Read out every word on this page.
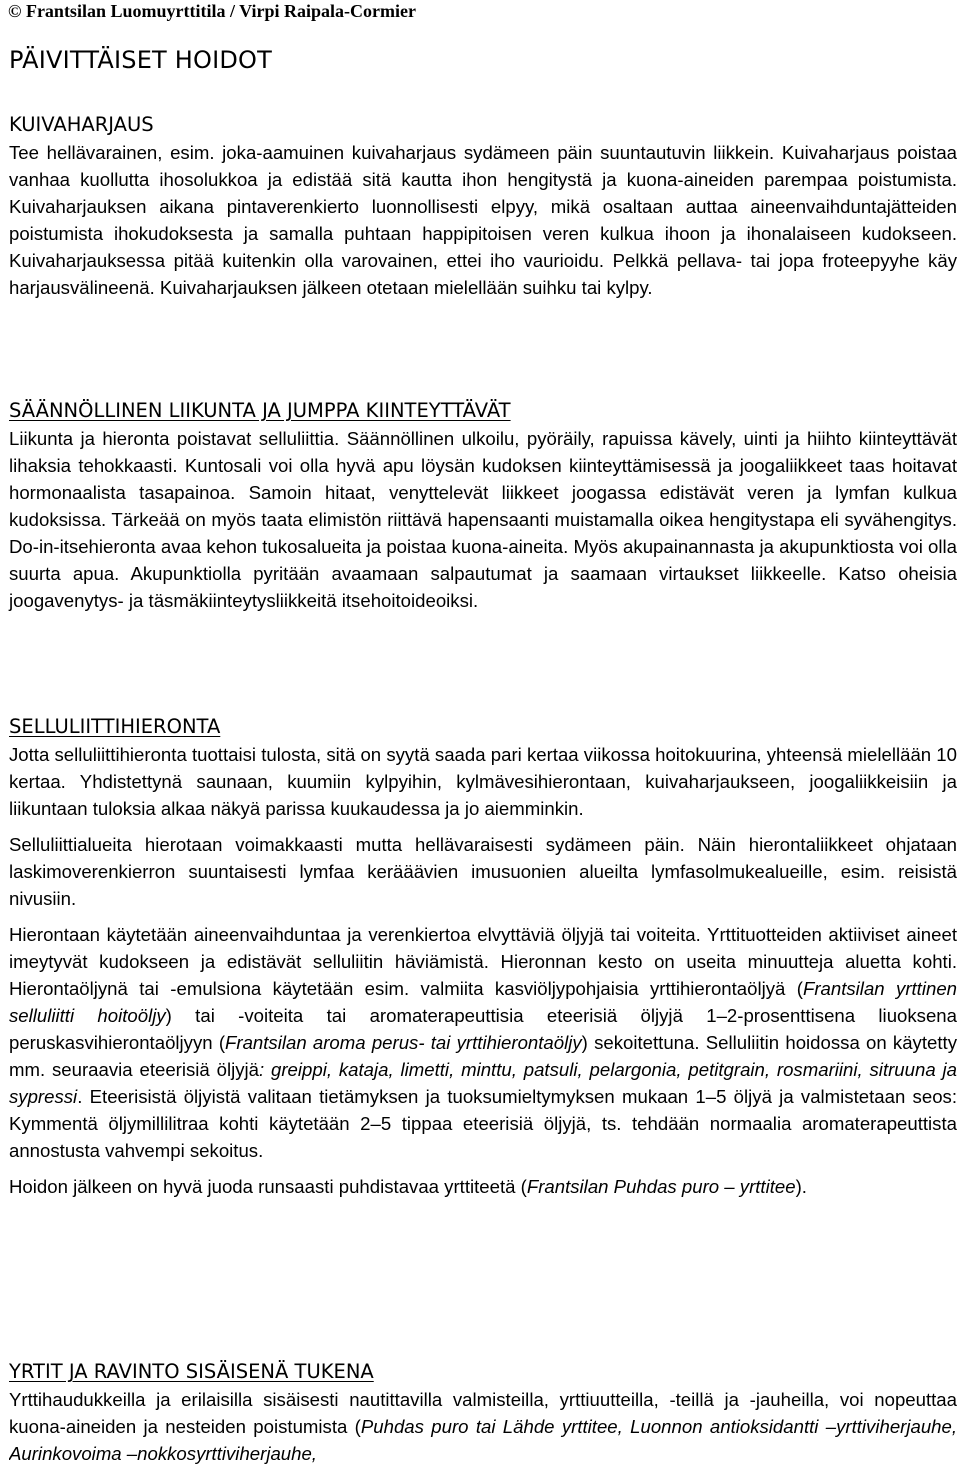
© Frantsilan Luomuyrttitila / Virpi Raipala-Cormier
PÄIVITTÄISET HOIDOT
KUIVAHARJAUS

Tee hellävarainen, esim. joka-aamuinen kuivaharjaus sydämeen päin suuntautuvin liikkein. Kuivaharjaus poistaa vanhaa kuollutta ihosolukkoa ja edistää sitä kautta ihon hengitystä ja kuona-aineiden parempaa poistumista. Kuivaharjauksen aikana pintaverenkierto luonnollisesti elpyy, mikä osaltaan auttaa aineenvaihduntajätteiden poistumista ihokudoksesta ja samalla puhtaan happipitoisen veren kulkua ihoon ja ihonalaiseen kudokseen. Kuivaharjauksessa pitää kuitenkin olla varovainen, ettei iho vaurioidu. Pelkkä pellava- tai jopa froteepyyhe käy harjausvälineenä. Kuivaharjauksen jälkeen otetaan mielellään suihku tai kylpy.

SÄÄNNÖLLINEN LIIKUNTA JA JUMPPA KIINTEYTTÄVÄT

Liikunta ja hieronta poistavat selluliittia. Säännöllinen ulkoilu, pyöräily, rapuissa kävely, uinti ja hiihto kiinteyttävät lihaksia tehokkaasti. Kuntosali voi olla hyvä apu löysän kudoksen kiinteyttämisessä ja joogaliikkeet taas hoitavat hormonaalista tasapainoa. Samoin hitaat, venyttelevät liikkeet joogassa edistävät veren ja lymfan kulkua kudoksissa. Tärkeää on myös taata elimistön riittävä hapensaanti muistamalla oikea hengitystapa eli syvähengitys. Do-in-itsehieronta avaa kehon tukosalueita ja poistaa kuona-aineita. Myös akupainannasta ja akupunktiosta voi olla suurta apua. Akupunktiolla pyritään avaamaan salpautumat ja saamaan virtaukset liikkeelle. Katso oheisia joogavenytys- ja täsmäkiinteytysliikkeitä itsehoitoideoiksi.

SELLULIITTIHIERONTA

Jotta selluliittihieronta tuottaisi tulosta, sitä on syytä saada pari kertaa viikossa hoitokuurina, yhteensä mielellään 10 kertaa. Yhdistettynä saunaan, kuumiin kylpyihin, kylmävesihierontaan, kuivaharjaukseen, joogaliikkeisiin ja liikuntaan tuloksia alkaa näkyä parissa kuukaudessa ja jo aiemminkin.

Selluliittialueita hierotaan voimakkaasti mutta hellävaraisesti sydämeen päin. Näin hierontaliikkeet ohjataan laskimoverenkierron suuntaisesti lymfaa kerääävien imusuonien alueilta lymfasolmukealueille, esim. reisistä nivusiin.

Hierontaan käytetään aineenvaihduntaa ja verenkiertoa elvyttäviä öljyjä tai voiteita. Yrttituotteiden aktiiviset aineet imeytyvät kudokseen ja edistävät selluliitin häviämistä. Hieronnan kesto on useita minuutteja aluetta kohti. Hierontaöljynä tai -emulsiona käytetään esim. valmiita kasviöljypohjaisia yrttihierontaöljyä (Frantsilan yrttinen selluliitti hoitoöljy) tai -voiteita tai aromaterapeuttisia eteerisiä öljyjä 1–2-prosenttisena liuoksena peruskasvihierontaöljyyn (Frantsilan aroma perus- tai yrttihierontaöljy) sekoitettuna. Selluliitin hoidossa on käytetty mm. seuraavia eteerisiä öljyjä: greippi, kataja, limetti, minttu, patsuli, pelargonia, petitgrain, rosmariini, sitruuna ja sypressi. Eteerisistä öljyistä valitaan tietämyksen ja tuoksumieltymyksen mukaan 1–5 öljyä ja valmistetaan seos: Kymmentä öljymillilitraa kohti käytetään 2–5 tippaa eteerisiä öljyjä, ts. tehdään normaalia aromaterapeuttista annostusta vahvempi sekoitus.

Hoidon jälkeen on hyvä juoda runsaasti puhdistavaa yrttiteetä (Frantsilan Puhdas puro – yrttitee).

YRTIT JA RAVINTO SISÄISENÄ TUKENA

Yrttihaudukkeilla ja erilaisilla sisäisesti nautittavilla valmisteilla, yrttiuutteilla, -teillä ja -jauheilla, voi nopeuttaa kuona-aineiden ja nesteiden poistumista (Puhdas puro tai Lähde yrttitee, Luonnon antioksidantti –yrttiviherjauhe, Aurinkovoima –nokkosyrttiviherjauhe,
